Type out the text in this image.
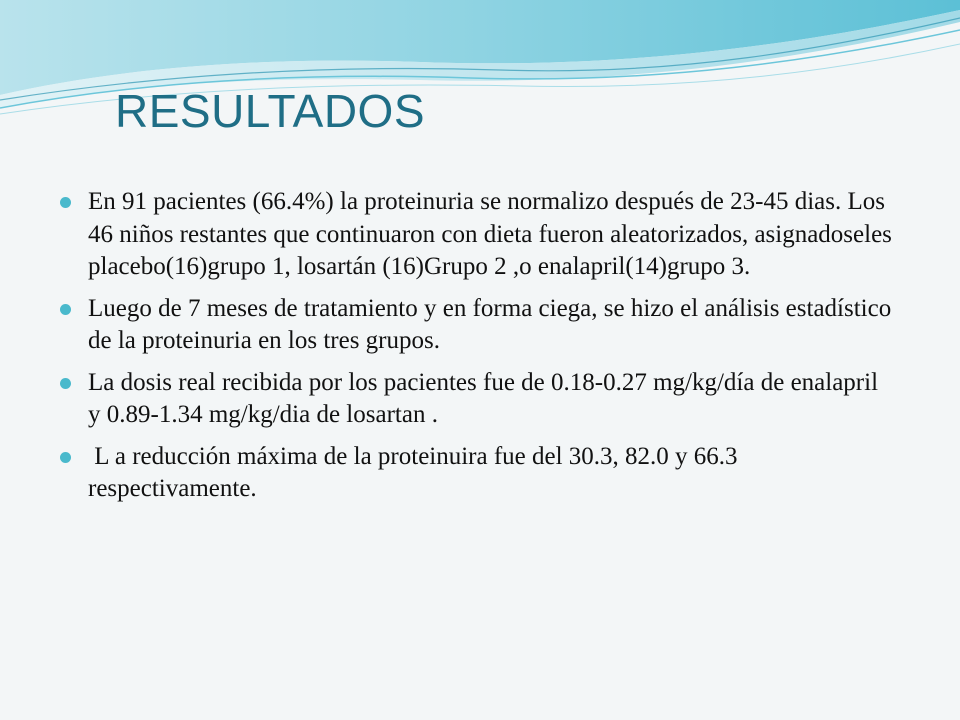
RESULTADOS
En 91 pacientes (66.4%) la proteinuria se normalizo después de 23-45 dias. Los 46 niños restantes que continuaron con dieta fueron aleatorizados, asignadoseles placebo(16)grupo 1, losartán (16)Grupo 2 ,o enalapril(14)grupo 3.
Luego de 7 meses de tratamiento y en forma ciega, se hizo el análisis estadístico de la proteinuria en los tres grupos.
La dosis real recibida por los pacientes fue de 0.18-0.27 mg/kg/día de enalapril  y 0.89-1.34 mg/kg/dia de losartan .
L a reducción máxima de la proteinuira fue del 30.3, 82.0 y 66.3 respectivamente.
